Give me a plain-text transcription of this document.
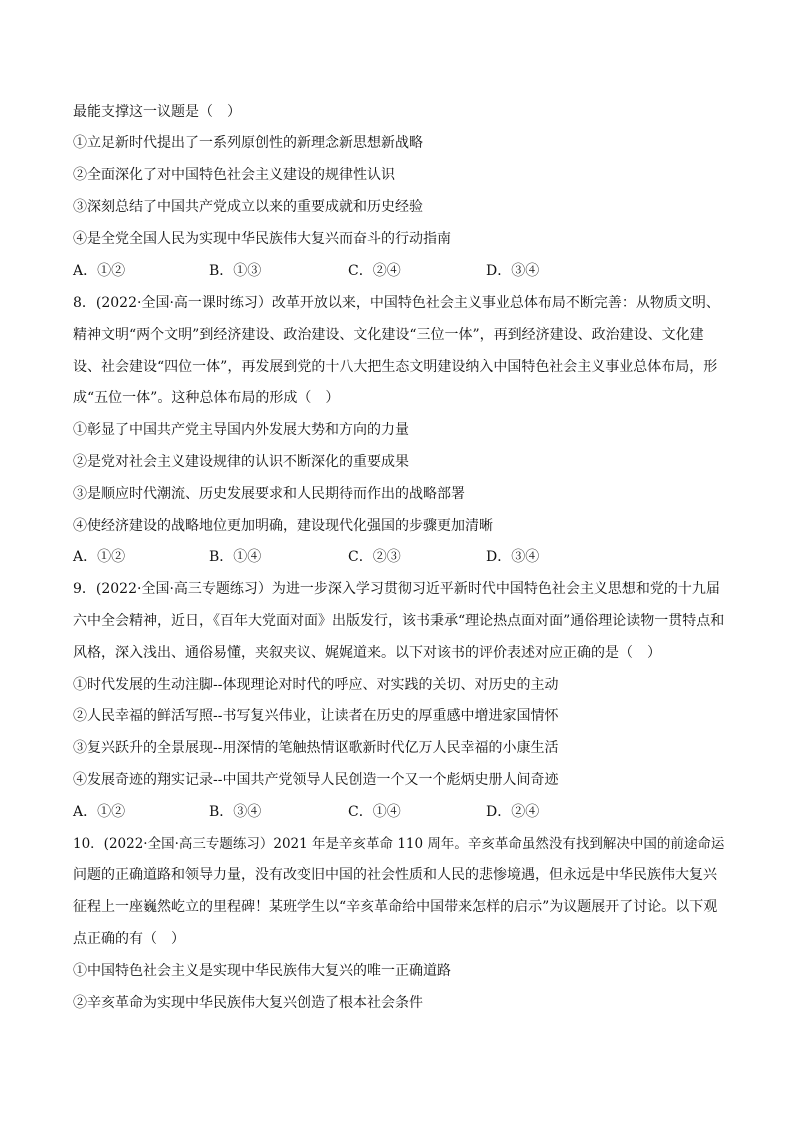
最能支撑这一议题是（　）
①立足新时代提出了一系列原创性的新理念新思想新战略
②全面深化了对中国特色社会主义建设的规律性认识
③深刻总结了中国共产党成立以来的重要成就和历史经验
④是全党全国人民为实现中华民族伟大复兴而奋斗的行动指南
A．①②	B．①③	C．②④	D．③④
8．(2022·全国·高一课时练习）改革开放以来，中国特色社会主义事业总体布局不断完善：从物质文明、
精神文明“两个文明”到经济建设、政治建设、文化建设“三位一体”，再到经济建设、政治建设、文化建
设、社会建设“四位一体”，再发展到党的十八大把生态文明建设纳入中国特色社会主义事业总体布局，形
成“五位一体”。这种总体布局的形成（　）
①彰显了中国共产党主导国内外发展大势和方向的力量
②是党对社会主义建设规律的认识不断深化的重要成果
③是顺应时代潮流、历史发展要求和人民期待而作出的战略部署
④使经济建设的战略地位更加明确，建设现代化强国的步骤更加清晰
A．①②	B．①④	C．②③	D．③④
9．(2022·全国·高三专题练习）为进一步深入学习贯彻习近平新时代中国特色社会主义思想和党的十九届
六中全会精神，近日，《百年大党面对面》出版发行，该书秉承“理论热点面对面”通俗理论读物一贯特点和
风格，深入浅出、通俗易懂，夹叙夹议、娓娓道来。以下对该书的评价表述对应正确的是（　）
①时代发展的生动注脚--体现理论对时代的呼应、对实践的关切、对历史的主动
②人民幸福的鲜活写照--书写复兴伟业，让读者在历史的厚重感中增进家国情怀
③复兴跃升的全景展现--用深情的笔触热情讴歌新时代亿万人民幸福的小康生活
④发展奇迹的翔实记录--中国共产党领导人民创造一个又一个彪炳史册人间奇迹
A．①②	B．③④	C．①④	D．②④
10．(2022·全国·高三专题练习）2021 年是辛亥革命 110 周年。辛亥革命虽然没有找到解决中国的前途命运
问题的正确道路和领导力量，没有改变旧中国的社会性质和人民的悲惨境遇，但永远是中华民族伟大复兴
征程上一座巍然屹立的里程碑！某班学生以“辛亥革命给中国带来怎样的启示”为议题展开了讨论。以下观
点正确的有（　）
①中国特色社会主义是实现中华民族伟大复兴的唯一正确道路
②辛亥革命为实现中华民族伟大复兴创造了根本社会条件
